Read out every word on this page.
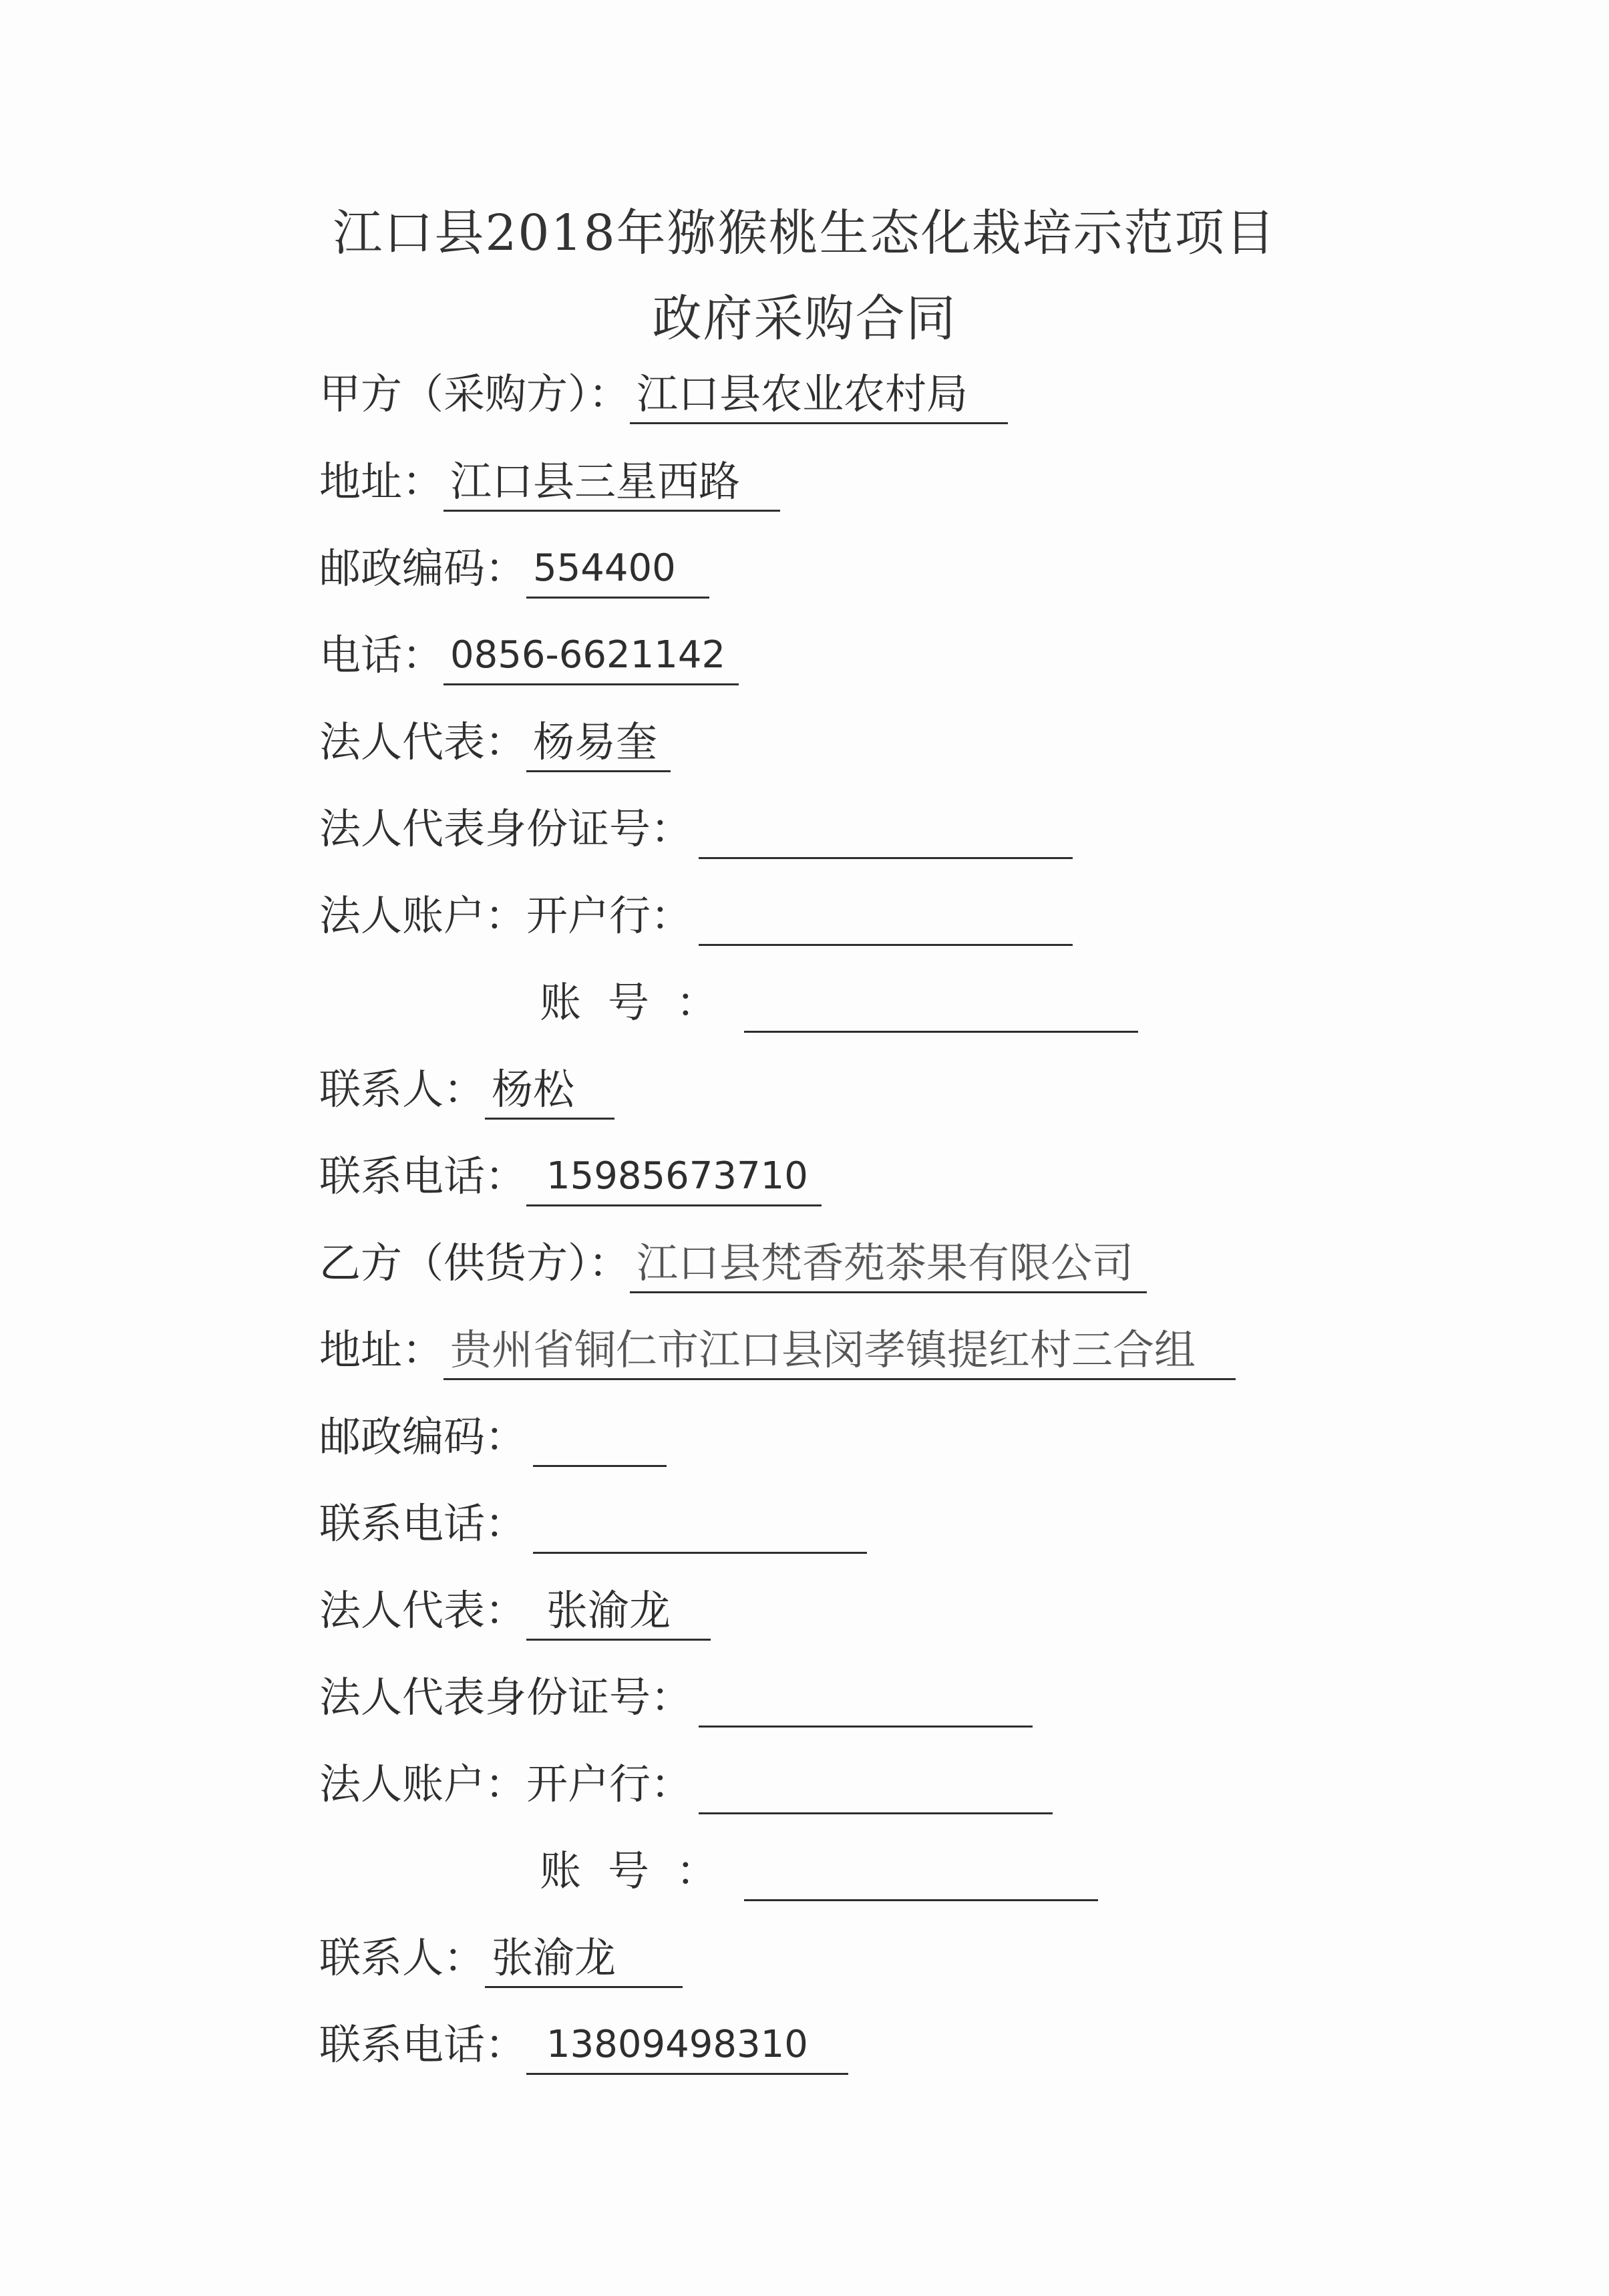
江口县2018年猕猴桃生态化栽培示范项目
政府采购合同
甲方（采购方）： 江口县农业农村局
地址： 江口县三星西路
邮政编码： 554400
电话： 0856-6621142
法人代表： 杨易奎
法人代表身份证号：
法人账户：开户行：
账号：
联系人： 杨松
联系电话： 15985673710
乙方（供货方）： 江口县梵香苑茶果有限公司
地址： 贵州省铜仁市江口县闵孝镇提红村三合组
邮政编码：
联系电话：
法人代表： 张渝龙
法人代表身份证号：
法人账户：开户行：
账号：
联系人： 张渝龙
联系电话： 13809498310
